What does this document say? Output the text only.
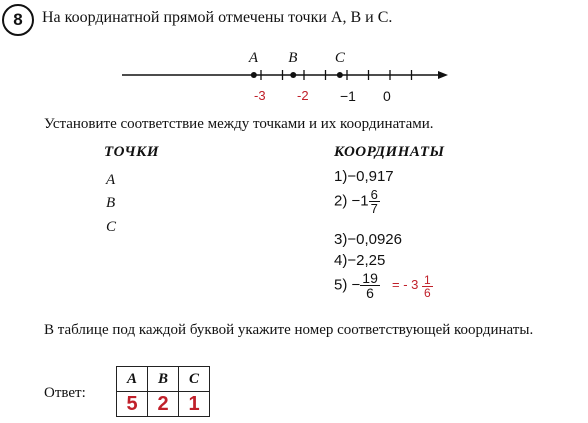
8	На координатной прямой отмечены точки A, B и C.
A B C
-3 -2 −1 0
Установите соответствие между точками и их координатами.
ТОЧКИ	КООРДИНАТЫ
A
B
C
1)−0,917
$2) -1 \frac{6}{7}$
3)−0,0926
4)−2,25
$5) - \frac{19}{6}$ = - $3 \frac{1}{6}$
В таблице под каждой буквой укажите номер соответствующей координаты.
Ответ:
A	B	C
5	2	1
